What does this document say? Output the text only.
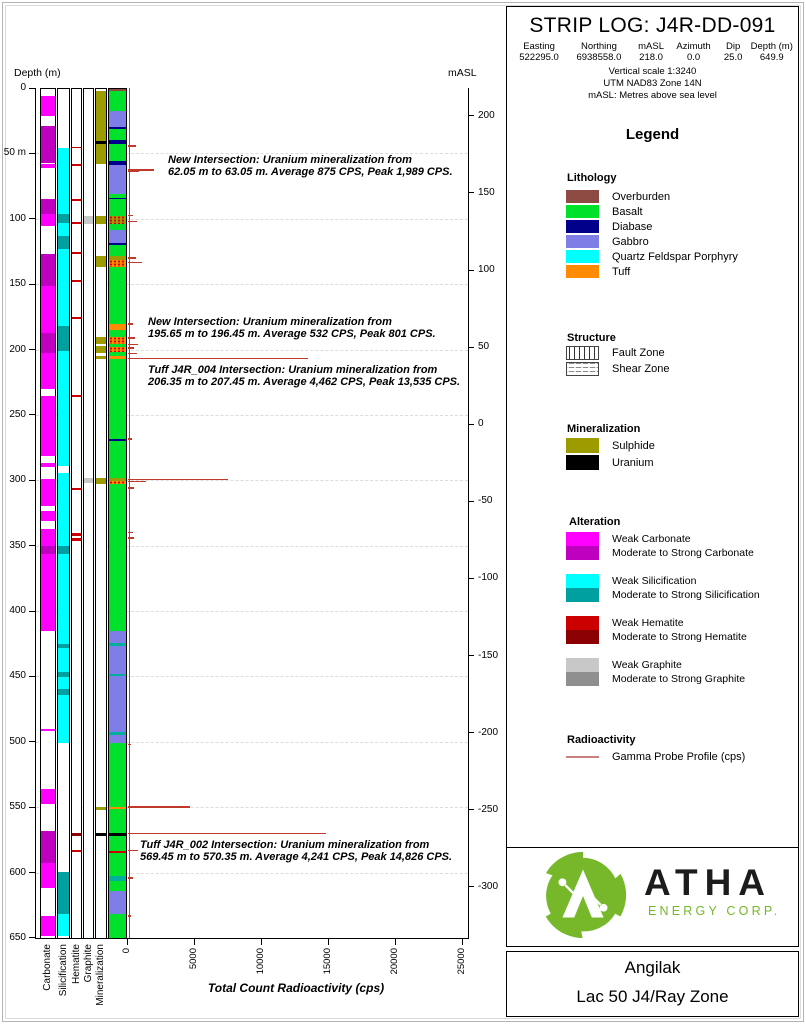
Depth (m)	mASL
Total Count Radioactivity (cps)
0
50 m
100
150
200
250
300
350
400
450
500
550
600
650
200
150
100
50
0
-50
-100
-150
-200
-250
-300
Carbonate Silicification Hematite Graphite Mineralization 0	5000	10000	15000	20000	25000
New Intersection: Uranium mineralization from
62.05 m to 63.05 m. Average 875 CPS, Peak 1,989 CPS.
New Intersection: Uranium mineralization from
195.65 m to 196.45 m. Average 532 CPS, Peak 801 CPS.
Tuff J4R_004 Intersection: Uranium mineralization from
206.35 m to 207.45 m. Average 4,462 CPS, Peak 13,535 CPS.
Tuff J4R_002 Intersection: Uranium mineralization from
569.45 m to 570.35 m. Average 4,241 CPS, Peak 14,826 CPS.
STRIP LOG: J4R-DD-091
Easting
522295.0
Northing
6938558.0
mASL
218.0
Azimuth
0.0
Dip
25.0
Depth (m)
649.9
Vertical scale 1:3240
UTM NAD83 Zone 14N
mASL: Metres above sea level
Legend
Lithology
Overburden
Basalt
Diabase
Gabbro
Quartz Feldspar Porphyry
Tuff
Structure
Fault Zone
Shear Zone
Mineralization
Sulphide
Uranium
Alteration
Weak Carbonate
Moderate to Strong Carbonate
Weak Silicification
Moderate to Strong Silicification
Weak Hematite
Moderate to Strong Hematite
Weak Graphite
Moderate to Strong Graphite
Radioactivity
Gamma Probe Profile (cps)
ATHA
ENERGY CORP.
Angilak
Lac 50 J4/Ray Zone
